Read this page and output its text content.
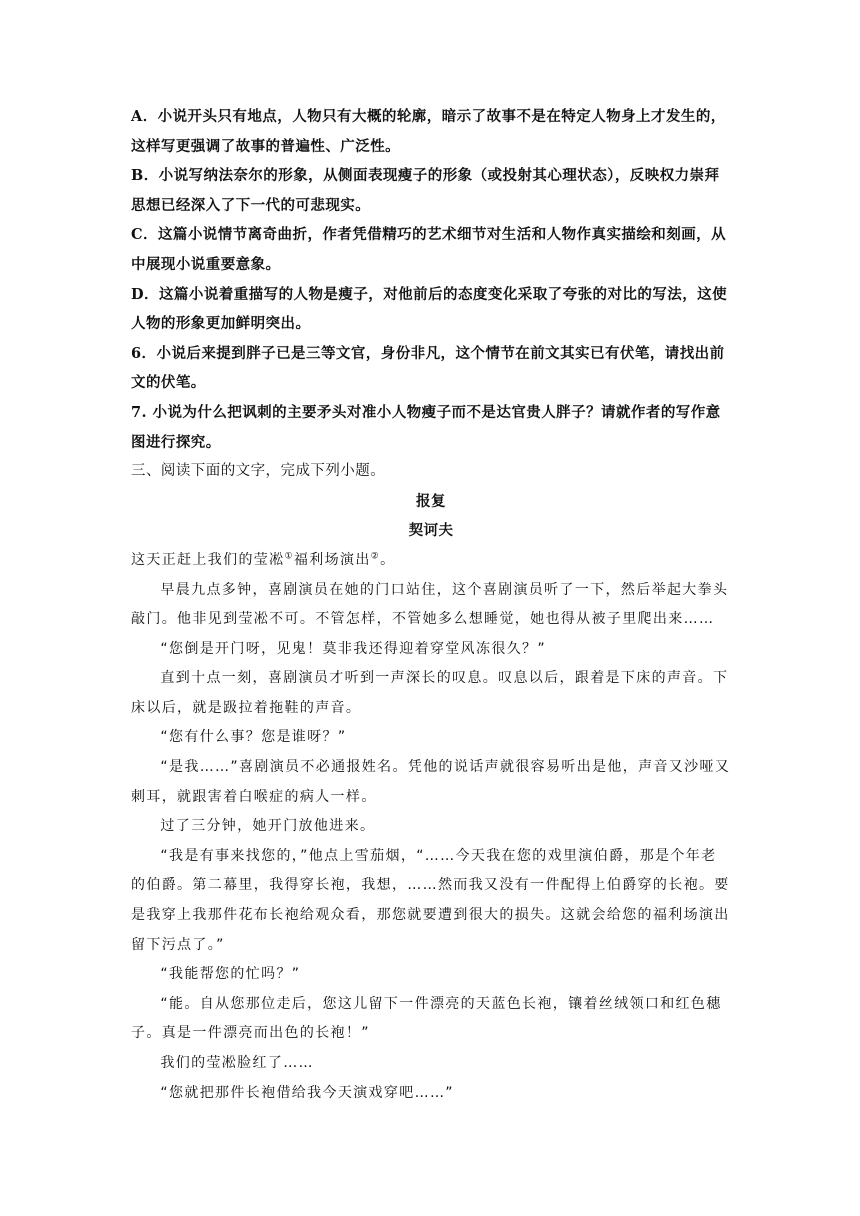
A．小说开头只有地点，人物只有大概的轮廓，暗示了故事不是在特定人物身上才发生的，这样写更强调了故事的普遍性、广泛性。

B．小说写纳法奈尔的形象，从侧面表现瘦子的形象（或投射其心理状态），反映权力崇拜思想已经深入了下一代的可悲现实。

C．这篇小说情节离奇曲折，作者凭借精巧的艺术细节对生活和人物作真实描绘和刻画，从中展现小说重要意象。

D．这篇小说着重描写的人物是瘦子，对他前后的态度变化采取了夸张的对比的写法，这使人物的形象更加鲜明突出。

6．小说后来提到胖子已是三等文官，身份非凡，这个情节在前文其实已有伏笔，请找出前文的伏笔。

7. 小说为什么把讽刺的主要矛头对准小人物瘦子而不是达官贵人胖子？请就作者的写作意图进行探究。

三、阅读下面的文字，完成下列小题。

报复

契诃夫

这天正赶上我们的莹凇①福利场演出②。

早晨九点多钟，喜剧演员在她的门口站住，这个喜剧演员听了一下，然后举起大拳头敲门。他非见到莹凇不可。不管怎样，不管她多么想睡觉，她也得从被子里爬出来……

“您倒是开门呀，见鬼！莫非我还得迎着穿堂风冻很久？”

直到十点一刻，喜剧演员才听到一声深长的叹息。叹息以后，跟着是下床的声音。下床以后，就是趿拉着拖鞋的声音。

“您有什么事？您是谁呀？”

“是我……”喜剧演员不必通报姓名。凭他的说话声就很容易听出是他，声音又沙哑又刺耳，就跟害着白喉症的病人一样。

过了三分钟，她开门放他进来。

“我是有事来找您的，”他点上雪茄烟，“……今天我在您的戏里演伯爵，那是个年老的伯爵。第二幕里，我得穿长袍，我想，……然而我又没有一件配得上伯爵穿的长袍。要是我穿上我那件花布长袍给观众看，那您就要遭到很大的损失。这就会给您的福利场演出留下污点了。”

“我能帮您的忙吗？”

“能。自从您那位走后，您这儿留下一件漂亮的天蓝色长袍，镶着丝绒领口和红色穗子。真是一件漂亮而出色的长袍！”

我们的莹凇脸红了……

“您就把那件长袍借给我今天演戏穿吧……”
